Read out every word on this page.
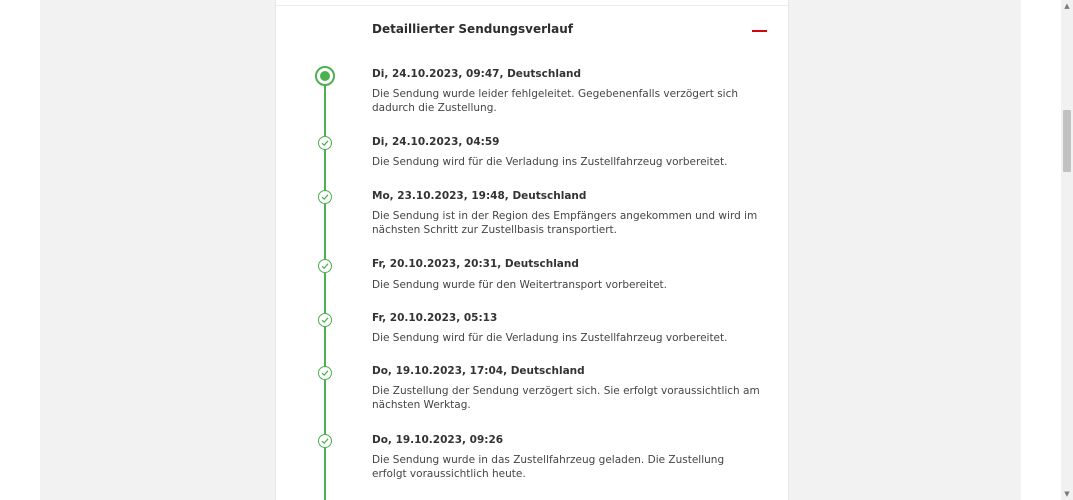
Detaillierter Sendungsverlauf
Di, 24.10.2023, 09:47, Deutschland
Die Sendung wurde leider fehlgeleitet. Gegebenenfalls verzögert sich dadurch die Zustellung.
Di, 24.10.2023, 04:59
Die Sendung wird für die Verladung ins Zustellfahrzeug vorbereitet.
Mo, 23.10.2023, 19:48, Deutschland
Die Sendung ist in der Region des Empfängers angekommen und wird im nächsten Schritt zur Zustellbasis transportiert.
Fr, 20.10.2023, 20:31, Deutschland
Die Sendung wurde für den Weitertransport vorbereitet.
Fr, 20.10.2023, 05:13
Die Sendung wird für die Verladung ins Zustellfahrzeug vorbereitet.
Do, 19.10.2023, 17:04, Deutschland
Die Zustellung der Sendung verzögert sich. Sie erfolgt voraussichtlich am nächsten Werktag.
Do, 19.10.2023, 09:26
Die Sendung wurde in das Zustellfahrzeug geladen. Die Zustellung erfolgt voraussichtlich heute.
▲
▼
